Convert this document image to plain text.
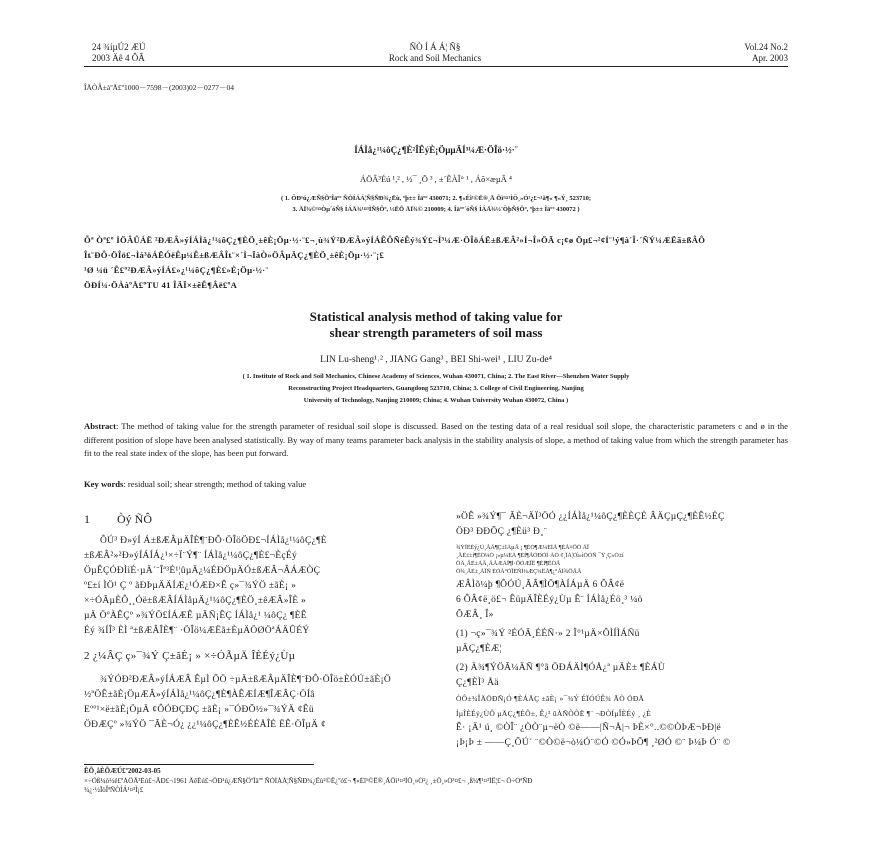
24 ¾íµÚ2 ÆÚ
2003 Äê 4 ÔÂ
ÑÒ Í Á Á¦ Ñ§
Rock and Soil Mechanics
Vol.24 No.2
Apr. 2003
ÎÄÕÂ±àºÅ£º1000－7598－(2003)02－0277－04
ÍÁÌå¿¹¼ôÇ¿¶È²ÎÊýÈ¡ÖµµÄÍ³¼Æ·ÖÎö·½·¨
ÁÖÂ³Éú ¹,² , ½¯ ¸Õ ³ , ±´ÊÀÎ° ¹ , Áõ×æµÂ ⁴
( 1. ÖÐ¹ú¿ÆÑ§ÔºÎäºº ÑÒÍÁÁ¦Ñ§ÑÐ¾¿Ëù, ºþ±± Îäºº 430071; 2. ¶«Éî¹©Ë®¸Ä Ôì¹¤³ÌÖ¸»Ó²¿£¬¹ã¶« ¶«Ý¸ 523710;
3. ÄÏ¾©¹¤Òµ´óÑ§ ÍÁÄ¾¹¤³ÌÑ§Ôº, ½ËÕ ÄÏ¾© 210009; 4. Îäºº´óÑ§ ÍÁÄ¾½¨ÖþÑ§Ôº, ºþ±± Îäºº 430072 )
Õª Òª£º ÌÖÂÛÁË ²ÐÆÂ»ýÍÁÌå¿¹¼ôÇ¿¶ÈÖ¸±êÈ¡Öµ·½·¨£¬¸ù¾Ý²ÐÆÂ»ýÍÁÊÔÑéÊý¾Ý£¬Í³¼Æ·ÖÎöÁË±ßÆÂ²»Í¬Î»ÖÃ c¡¢ø Öµ£¬²¢Í¨¹ý¶à´Î·´ÑÝ¼ÆËã±ßÂÔ
Îȶ¨ÐÔ·ÖÎö£¬Ìá³öÁËÓëÊµ¼Ê±ßÆÂÎȶ¨×´Ì¬ÏàÒ»ÖÂµÄÇ¿¶ÈÖ¸±êÈ¡Öµ·½·¨¡£
¹Ø ¼ü ´Ê£º²ÐÆÂ»ýÍÁ£»¿¹¼ôÇ¿¶È£»È¡Öµ·½·¨
ÖÐÍ¼·ÖÀàºÅ£ºTU 41 ÎÄÏ×±êÊ¶Âë£ºA
Statistical analysis method of taking value for
shear strength parameters of soil mass
LIN Lu-sheng¹˒² , JIANG Gang³ , BEI Shi-wei¹ , LIU Zu-de⁴
( 1. Institute of Rock and Soil Mechanics, Chinese Academy of Sciences, Wuhan 430071, China; 2. The East River—Shenzhen Water Supply
Reconstructing Project Headquarters, Guangdong 523710, China; 3. College of Civil Engineering, Nanjing
University of Technology, Nanjing 210009; China; 4. Wuhan University Wuhan 430072, China )
Abstract: The method of taking value for the strength parameter of residual soil slope is discussed. Based on the testing data of a real residual soil slope, the characteristic parameters c and ø in the different position of slope have been analysed statistically. By way of many teams parameter back analysis in the stability analysis of slope, a method of taking value from which the strength parameter has fit to the real state index of the slope, has been put forward.
Key words: residual soil; shear strength; method of taking value
1 Òý ÑÔ
ÔÚ³ Ð»ýÍ Á±ßÆÂµÄÎÈ¶¨ÐÔ·ÖÎöÖÐ£¬ÍÁÌå¿¹¼ôÇ¿¶È
±ßÆÂ²»²Ð»ýÍÁÍÁ¿¹×÷Ï¨Ý¶¨ ÍÁÌå¿¹¼ôÇ¿¶È£¬ÈçÉý
ÖµÊÇÓÐÌìÉ·µÄ´¨Îª³É¹¦ûµÄ¿¼ÉÐÖµÄÓ±ßÆÂ¬ÂÁÆÒÇ
º£±í ÌÖ¹ Ç º ãÐÞµÄÄÍÆ¿¹ÓÆÐ×Ê ç»¯¾ÝÖ ±ãÈ¡ »
×÷ÓÃµÈÔ¸¸Óë±ßÆÂÍÁÌåµÄ¿¹¼ôÇ¿¶ÈÖ¸±êÆÂ»ÎÈ »
µÄ ÖºÀÊÇº »¾ÝÖ£ÍÁÆÊ µÃÑ¡ÊÇ ÍÁÌå¿¹ ¼ôÇ¿ ¶ÈÊ
Éý ¾ÍÎ³ ÈÌ ª±ßÆÂÎÈ¶¨ ·ÖÎö¼ÆËã±ÈµÄÖØÖªÁÄÛÉÝ
2 ¿¼ÂÇ ç»¯¾Ý Ç±ãÈ¡ » ×÷ÓÃµÄ ÎÈÉý¿Ùµ
¾ÝÓÐ²ÐÆÂ»ýÍÁÆÂ ÊµÌ ÕÖ ÷µÄ±ßÆÂµÄÎÈ¶¨ÐÔ·ÖÎö±ÈÓÚ±ãÈ¡Ö
½ªÖÊ±ãÈ¡ÖµÆÂ»ýÍÁÌå¿¹¼ôÇ¿¶È¶ÀÊÆÍÆ¶ÎÆÂÇ·ÖÍâ
Eºº¹×ë±ãÈ¡ÖµÄ ¢ÔÓÐÇÐÇ ±ãÈ¡ »¯ÓÐÕ½»¯¾ÝÄ ¢Êü
ÖÐÆÇº »¾ÝÖ ¯ÃÈ¬Ó¿ ¿¿¹¼ôÇ¿¶ÈÊ½ÉÉÅÎÉ ËÊ·ÖÎµÄ ¢
»ÖÊ »¾Ý¶¯ ÃÈ¬ÄÏ³ÖÓ ¿¿ÍÁÌå¿¹¼ôÇ¿¶ÈÈÇÉ ÂÄÇµÇ¿¶ÈÊ½ÉÇ
ÖÐ³ ÐÐÕÇ ¿¶Èü³ Ð¸¨
¾ÝÎÈÉý¿Ù¸ÃÂ¶Ç±ÍÁµÄ ¡ ¶ÈÒ¶Æ¼ÉÍÃ ¶ÈÃ¤ÖÓ ÃÏ
¸ÄÈ±±í¶ÈÒ¼Ó ¡»µ¼ÉÁ ¶ÈÌ¶ÃÓÐÒÌ·ÁÒ ¢¸ÎÁ¦Òì»ìÒÒÑ ¯Ý¸Ç»Ò±í
ÔÂ¸ÄÈ±ÀÄ¸ÃÃÆÀÎ¶Ì·ÖÒÆÏÊ ¶ÈÌ¶ÊÓÃ
Ô¾¸ÄÈ±¸ÃÏÑ ÈÒÃ°ÒÏÉÑÌ¼ÆÇ¼ÊÅ¶¿°ÅÌ¾ÖÄÃ
ÆÂÌõ¼þ ¶ÔÓÚ¸ÃÂ¶ÌÕ¶ÀÍÁµÄ 6 ÔÂ¢ë
6 ÔÂ¢ë¸ö£¬ ÊüµÄÎÈÉý¿Ùµ Ê¨ ÍÁÌå¿Éö¸³ ¼ö
ÕÆÂ¸ Î»
(1) ¬ç»¯¾Ý ²ÉÓÃ¸ÉÉÑ·» 2 Î°¹µÄ×ÔÌÍÌÁÑü
µÄÇ¿¶ÈÆ¦
(2) Ä¾¶ÝÖÃ¼ÄÑ ¶°ã ÖÐÁÄÌ¶ÓÅ¿ª µÄÈ± ¶ÈÁÙ
Ç¿¶ÈÌ³ Åä
ÒÔ±¾ÎÄÖÐÑ¡Ó ¶ÈÁÄÇ ±ãÈ¡ »¯¾Ý ÉÏÓÚÊ¾ ÃÒ ÖÐÄ
ÍµÎÈÉý¿ÙÔ µÄÇ¿¶ÈÔ±, Ê¿³ ûÀÑÕÕË ¶¨ ¬ÐÒÍµÎÈÉý ¸ ¿È
Ê· ¡Ä¹ ú¸ ©ÒÎ¨ ¿ÒÒ¨µ¬ëÒ ©ë——|Ñ¬Å|¬ ÞÈ×°..©©ÒÞÆ¬ÞÐ|ë
¡Þ¡Þ ± ——Ç¸ÕÚ´ ¨©Ò©ë¬ò¼Ó¨©Ó ©Ó»ÞÕ¶ ¸²ØÓ ©¨ Þ¼Þ Ó¨ ©
ÊÕ¸åÈÕÆÚ£º2002-03-05
×÷Õß¼ò½é£ºÁÖÂ³Éú£¬ÄÐ£¬1961 ÄêÉú£¬ÖÐ¹ú¿ÆÑ§ÔºÎäºº ÑÒÍÁÁ¦Ñ§ÑÐ¾¿Ëù²©Ê¿ºó£¬ ¶«Éî¹©Ë®¸ÄÔì¹¤³ÌÖ¸»Ó²¿ ¸±Ö¸»Ó³¤£¬ ¸ß¼¶¹¤³ÌÊ¦£¬ Ö÷ÒªÑÐ
¾¿·½ÏòÎªÑÒÍÁ¹¤³Ì¡£
